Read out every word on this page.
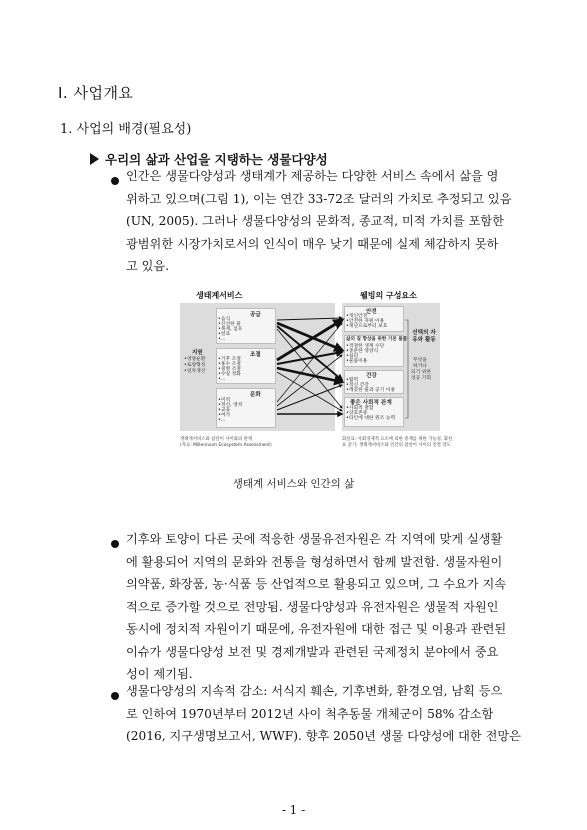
Ⅰ. 사업개요
1. 사업의 배경(필요성)
우리의 삶과 산업을 지탱하는 생물다양성
인간은 생물다양성과 생태계가 제공하는 다양한 서비스 속에서 삶을 영
위하고 있으며(그림 1), 이는 연간 33-72조 달러의 가치로 추정되고 있음
(UN, 2005). 그러나 생물다양성의 문화적, 종교적, 미적 가치를 포함한
광범위한 시장가치로서의 인식이 매우 낮기 때문에 실제 체감하지 못하
고 있음.
생태계서비스	웰빙의 구성요소
지원
•영양순환
•토양형성
•일차생산
공급
•음식
•신선한 물
•목재, 섬유
•연료
•...
조절
•기후 조절
•홍수 조절
•질병 조절
•수질 정화
•...
문화
•미적
•정신, 영적
•교육
•여가
•...
안전
•개인안전
•안전한 자원 이용
•재난으로부터 보호
삶의 질 향상을 위한 기본 물품
•적절한 생계 수단
•충분한 영양식
•쉼터
•물품이용
건강
•활력
•정신 건강
•깨끗한 물과 공기 이용
좋은 사회적 관계
•사회적 결합
•상호존중
•타인에 대한 원조 능력
선택의 자유와 활동
무엇을
하거나
되기 위한
성공 기회
생태계서비스와 참살이 사이와의 관계
(자료: Millennium Ecosystem Assessment)
화살표: 사회경제적 요소에 의한 중재를 위한 가능성, 화살
표 굵기: 생태계서비스와 인간의 참살이 사이의 연결 강도
생태계 서비스와 인간의 삶
기후와 토양이 다른 곳에 적응한 생물유전자원은 각 지역에 맞게 실생활
에 활용되어 지역의 문화와 전통을 형성하면서 함께 발전함. 생물자원이
의약품, 화장품, 농·식품 등 산업적으로 활용되고 있으며, 그 수요가 지속
적으로 증가할 것으로 전망됨. 생물다양성과 유전자원은 생물적 자원인
동시에 정치적 자원이기 때문에, 유전자원에 대한 접근 및 이용과 관련된
이슈가 생물다양성 보전 및 경제개발과 관련된 국제정치 분야에서 중요
성이 제기됨.
생물다양성의 지속적 감소: 서식지 훼손, 기후변화, 환경오염, 남획 등으
로 인하여 1970년부터 2012년 사이 척추동물 개체군이 58% 감소함
(2016, 지구생명보고서, WWF). 향후 2050년 생물 다양성에 대한 전망은
- 1 -
